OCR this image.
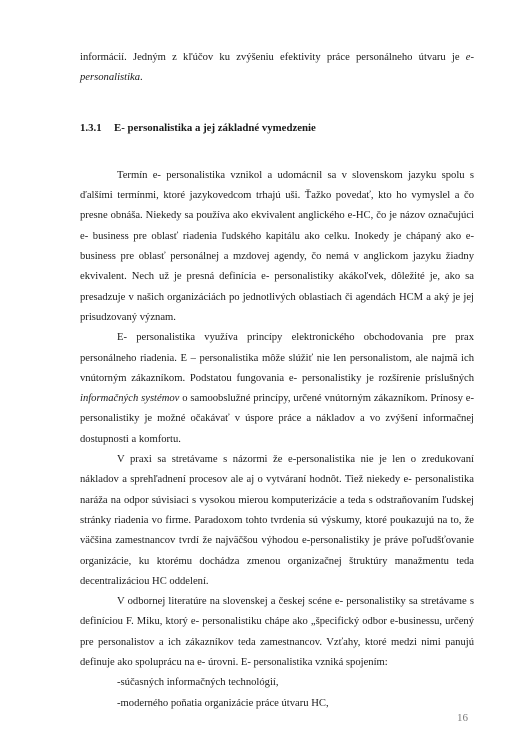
informácií. Jedným z kľúčov ku zvýšeniu efektivity práce personálneho útvaru je e-personalistika.

1.3.1 E- personalistika a jej základné vymedzenie

Termín e- personalistika vznikol a udomácnil sa v slovenskom jazyku spolu s ďalšími termínmi, ktoré jazykovedcom trhajú uši. Ťažko povedať, kto ho vymyslel a čo presne obnáša. Niekedy sa používa ako ekvivalent anglického e-HC, čo je názov označujúci e- business pre oblasť riadenia ľudského kapitálu ako celku. Inokedy je chápaný ako e- business pre oblasť personálnej a mzdovej agendy, čo nemá v anglickom jazyku žiadny ekvivalent. Nech už je presná definícia e- personalistiky akákoľvek, dôležité je, ako sa presadzuje v našich organizáciách po jednotlivých oblastiach či agendách HCM a aký je jej prisudzovaný význam.

E- personalistika využíva princípy elektronického obchodovania pre prax personálneho riadenia. E – personalistika môže slúžiť nie len personalistom, ale najmä ich vnútorným zákazníkom. Podstatou fungovania e- personalistiky je rozšírenie príslušných informačných systémov o samoobslužné princípy, určené vnútorným zákazníkom. Prínosy e- personalistiky je možné očakávať v úspore práce a nákladov a vo zvýšení informačnej dostupnosti a komfortu.

V praxi sa stretávame s názormi že e-personalistika nie je len o zredukovaní nákladov a sprehľadnení procesov ale aj o vytváraní hodnôt. Tiež niekedy e- personalistika naráža na odpor súvisiaci s vysokou mierou komputerizácie a teda s odstraňovaním ľudskej stránky riadenia vo firme. Paradoxom tohto tvrdenia sú výskumy, ktoré poukazujú na to, že väčšina zamestnancov tvrdí že najväčšou výhodou e-personalistiky je práve poľudšťovanie organizácie, ku ktorému dochádza zmenou organizačnej štruktúry manažmentu teda decentralizáciou HC oddelení.

V odbornej literatúre na slovenskej a českej scéne e- personalistiky sa stretávame s definíciou F. Miku, ktorý e- personalistiku chápe ako „špecifický odbor e-businessu, určený pre personalistov a ich zákazníkov teda zamestnancov. Vzťahy, ktoré medzi nimi panujú definuje ako spoluprácu na e- úrovni. E- personalistika vzniká spojením:

-súčasných informačných technológií,

-moderného poňatia organizácie práce útvaru HC,

16
